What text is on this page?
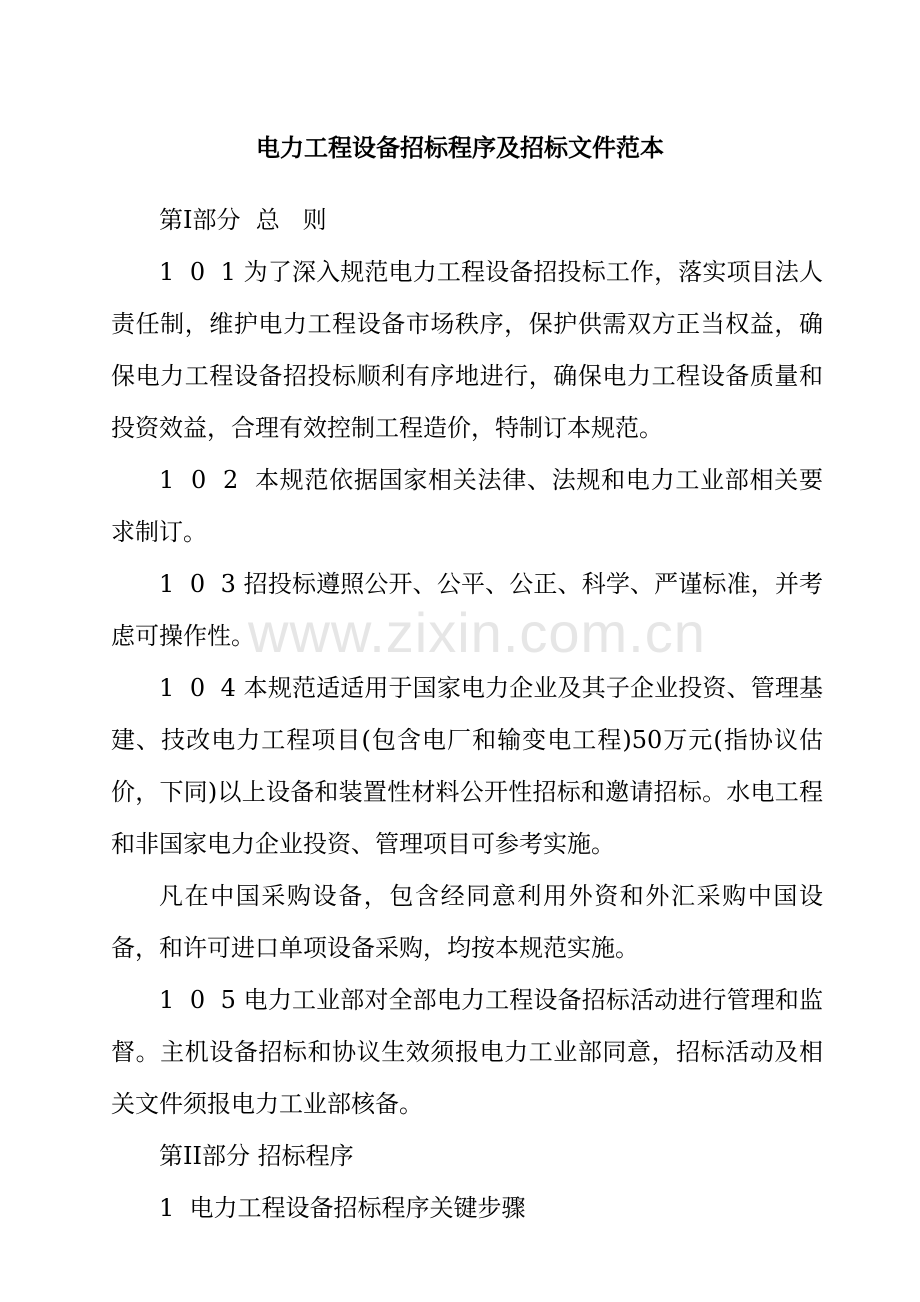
www.zixin.com.cn
电力工程设备招标程序及招标文件范本

第Ⅰ部分  总   则

1  0  1 为了深入规范电力工程设备招投标工作，落实项目法人责任制，维护电力工程设备市场秩序，保护供需双方正当权益，确保电力工程设备招投标顺利有序地进行，确保电力工程设备质量和投资效益，合理有效控制工程造价，特制订本规范。

1  0  2  本规范依据国家相关法律、法规和电力工业部相关要求制订。

1  0  3 招投标遵照公开、公平、公正、科学、严谨标准，并考虑可操作性。

1  0  4 本规范适适用于国家电力企业及其子企业投资、管理基建、技改电力工程项目(包含电厂和输变电工程)50万元(指协议估价，下同)以上设备和装置性材料公开性招标和邀请招标。水电工程和非国家电力企业投资、管理项目可参考实施。

凡在中国采购设备，包含经同意利用外资和外汇采购中国设备，和许可进口单项设备采购，均按本规范实施。

1  0  5 电力工业部对全部电力工程设备招标活动进行管理和监督。主机设备招标和协议生效须报电力工业部同意，招标活动及相关文件须报电力工业部核备。

第II部分 招标程序

1  电力工程设备招标程序关键步骤
